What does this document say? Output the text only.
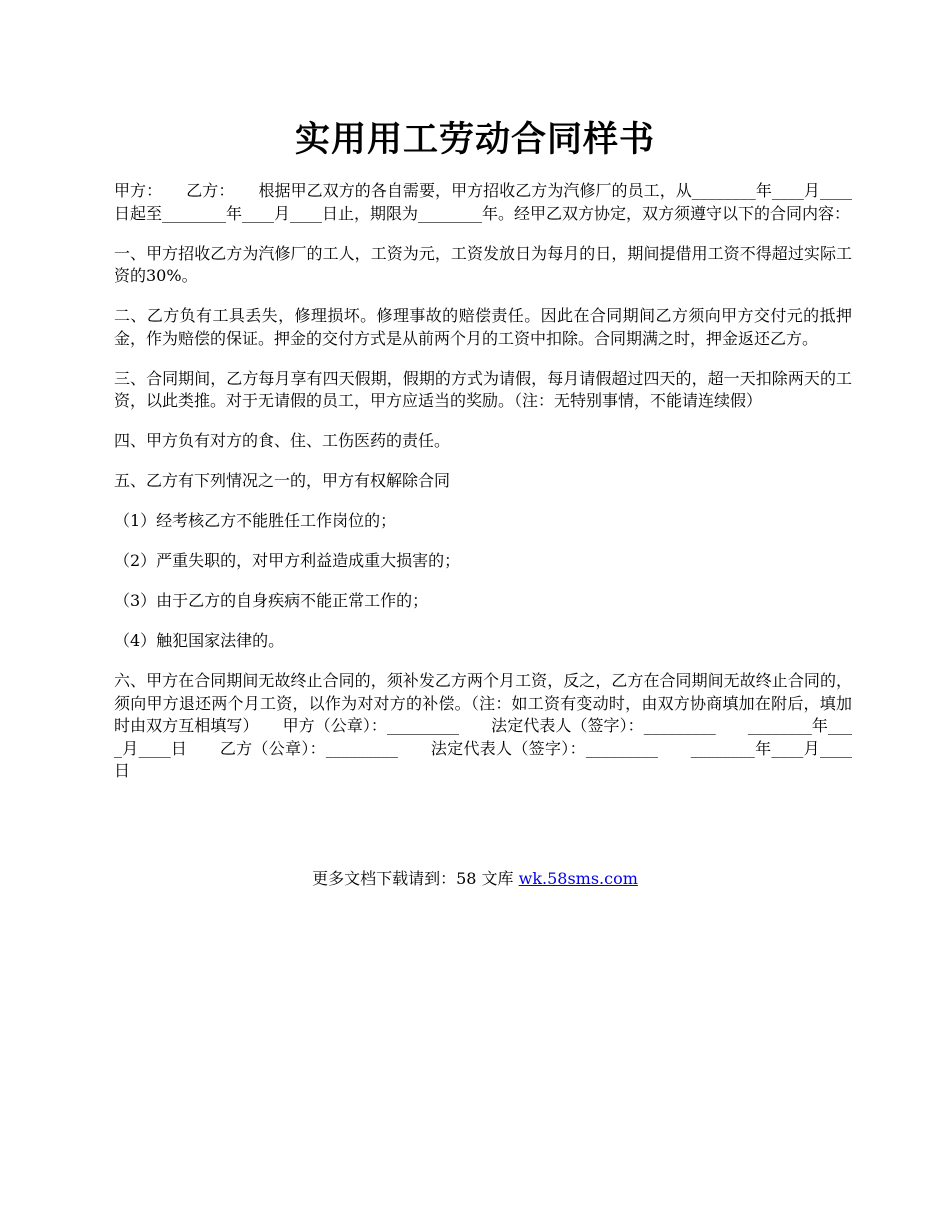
实用用工劳动合同样书

甲方：　　乙方：　　根据甲乙双方的各自需要，甲方招收乙方为汽修厂的员工，从________年____月____日起至________年____月____日止，期限为________年。经甲乙双方协定，双方须遵守以下的合同内容：

一、甲方招收乙方为汽修厂的工人，工资为元，工资发放日为每月的日，期间提借用工资不得超过实际工资的30%。

二、乙方负有工具丢失，修理损坏。修理事故的赔偿责任。因此在合同期间乙方须向甲方交付元的抵押金，作为赔偿的保证。押金的交付方式是从前两个月的工资中扣除。合同期满之时，押金返还乙方。

三、合同期间，乙方每月享有四天假期，假期的方式为请假，每月请假超过四天的，超一天扣除两天的工资，以此类推。对于无请假的员工，甲方应适当的奖励。（注：无特别事情，不能请连续假）

四、甲方负有对方的食、住、工伤医药的责任。

五、乙方有下列情况之一的，甲方有权解除合同

（1）经考核乙方不能胜任工作岗位的；

（2）严重失职的，对甲方利益造成重大损害的；

（3）由于乙方的自身疾病不能正常工作的；

（4）触犯国家法律的。

六、甲方在合同期间无故终止合同的，须补发乙方两个月工资，反之，乙方在合同期间无故终止合同的，须向甲方退还两个月工资，以作为对对方的补偿。（注：如工资有变动时，由双方协商填加在附后，填加时由双方互相填写）　　甲方（公章）：_________　　法定代表人（签字）：_________　　________年____月____日　　乙方（公章）：_________　　法定代表人（签字）：_________　　________年____月____日

更多文档下载请到：58 文库 wk.58sms.com
